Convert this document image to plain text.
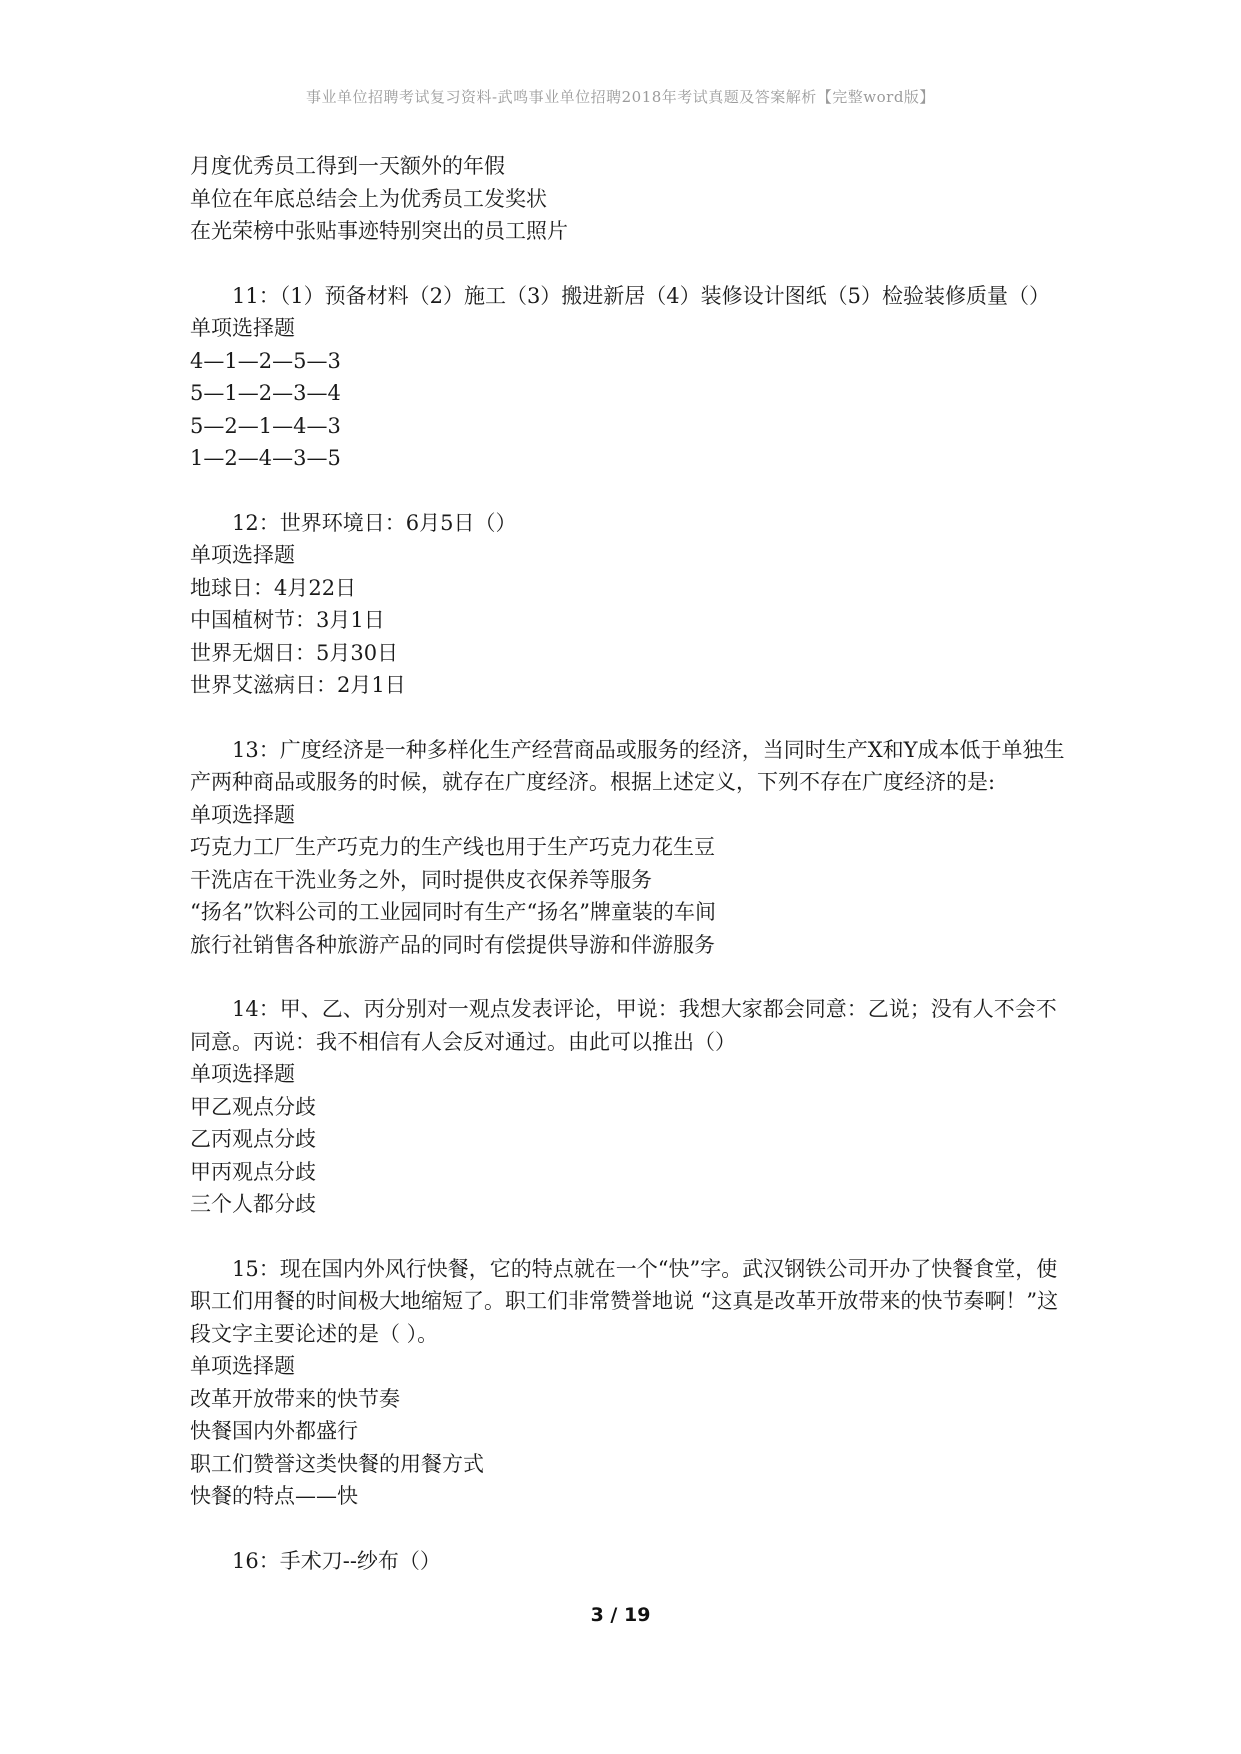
事业单位招聘考试复习资料-武鸣事业单位招聘2018年考试真题及答案解析【完整word版】
月度优秀员工得到一天额外的年假
单位在年底总结会上为优秀员工发奖状
在光荣榜中张贴事迹特别突出的员工照片
11：（1）预备材料（2）施工（3）搬进新居（4）装修设计图纸（5）检验装修质量（）
单项选择题
4—1—2—5—3
5—1—2—3—4
5—2—1—4—3
1—2—4—3—5
12：世界环境日：6月5日（）
单项选择题
地球日：4月22日
中国植树节：3月1日
世界无烟日：5月30日
世界艾滋病日：2月1日
13：广度经济是一种多样化生产经营商品或服务的经济，当同时生产X和Y成本低于单独生产两种商品或服务的时候，就存在广度经济。根据上述定义，下列不存在广度经济的是:
单项选择题
巧克力工厂生产巧克力的生产线也用于生产巧克力花生豆
干洗店在干洗业务之外，同时提供皮衣保养等服务
“扬名”饮料公司的工业园同时有生产“扬名”牌童装的车间
旅行社销售各种旅游产品的同时有偿提供导游和伴游服务
14：甲、乙、丙分别对一观点发表评论，甲说：我想大家都会同意：乙说；没有人不会不同意。丙说：我不相信有人会反对通过。由此可以推出（）
单项选择题
甲乙观点分歧
乙丙观点分歧
甲丙观点分歧
三个人都分歧
15：现在国内外风行快餐，它的特点就在一个“快”字。武汉钢铁公司开办了快餐食堂，使职工们用餐的时间极大地缩短了。职工们非常赞誉地说 “这真是改革开放带来的快节奏啊！”这段文字主要论述的是（ ）。
单项选择题
改革开放带来的快节奏
快餐国内外都盛行
职工们赞誉这类快餐的用餐方式
快餐的特点——快
16：手术刀--纱布（）
3 / 19
